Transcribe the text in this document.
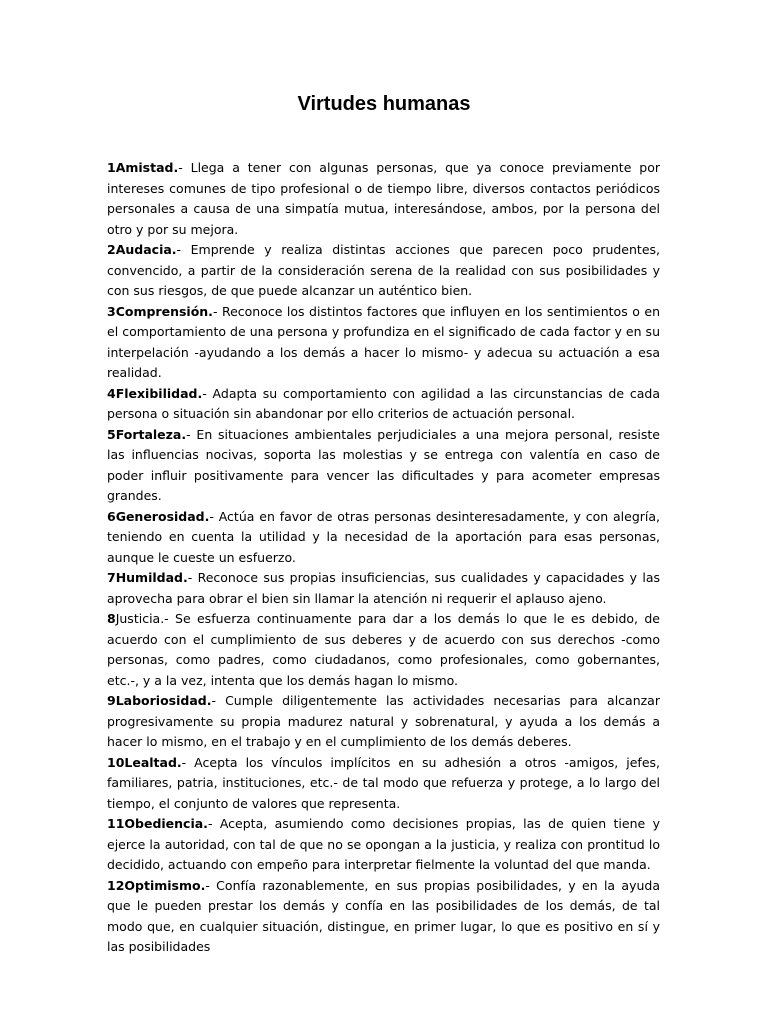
Virtudes humanas

1Amistad.- Llega a tener con algunas personas, que ya conoce previamente por intereses comunes de tipo profesional o de tiempo libre, diversos contactos periódicos personales a causa de una simpatía mutua, interesándose, ambos, por la persona del otro y por su mejora.

2Audacia.- Emprende y realiza distintas acciones que parecen poco prudentes, convencido, a partir de la consideración serena de la realidad con sus posibilidades y con sus riesgos, de que puede alcanzar un auténtico bien.

3Comprensión.- Reconoce los distintos factores que influyen en los sentimientos o en el comportamiento de una persona y profundiza en el significado de cada factor y en su interpelación -ayudando a los demás a hacer lo mismo- y adecua su actuación a esa realidad.

4Flexibilidad.- Adapta su comportamiento con agilidad a las circunstancias de cada persona o situación sin abandonar por ello criterios de actuación personal.

5Fortaleza.- En situaciones ambientales perjudiciales a una mejora personal, resiste las influencias nocivas, soporta las molestias y se entrega con valentía en caso de poder influir positivamente para vencer las dificultades y para acometer empresas grandes.

6Generosidad.- Actúa en favor de otras personas desinteresadamente, y con alegría, teniendo en cuenta la utilidad y la necesidad de la aportación para esas personas, aunque le cueste un esfuerzo.

7Humildad.- Reconoce sus propias insuficiencias, sus cualidades y capacidades y las aprovecha para obrar el bien sin llamar la atención ni requerir el aplauso ajeno.

8Justicia.- Se esfuerza continuamente para dar a los demás lo que le es debido, de acuerdo con el cumplimiento de sus deberes y de acuerdo con sus derechos -como personas, como padres, como ciudadanos, como profesionales, como gobernantes, etc.-, y a la vez, intenta que los demás hagan lo mismo.

9Laboriosidad.- Cumple diligentemente las actividades necesarias para alcanzar progresivamente su propia madurez natural y sobrenatural, y ayuda a los demás a hacer lo mismo, en el trabajo y en el cumplimiento de los demás deberes.

10Lealtad.- Acepta los vínculos implícitos en su adhesión a otros -amigos, jefes, familiares, patria, instituciones, etc.- de tal modo que refuerza y protege, a lo largo del tiempo, el conjunto de valores que representa.

11Obediencia.- Acepta, asumiendo como decisiones propias, las de quien tiene y ejerce la autoridad, con tal de que no se opongan a la justicia, y realiza con prontitud lo decidido, actuando con empeño para interpretar fielmente la voluntad del que manda.

12Optimismo.- Confía razonablemente, en sus propias posibilidades, y en la ayuda que le pueden prestar los demás y confía en las posibilidades de los demás, de tal modo que, en cualquier situación, distingue, en primer lugar, lo que es positivo en sí y las posibilidades
